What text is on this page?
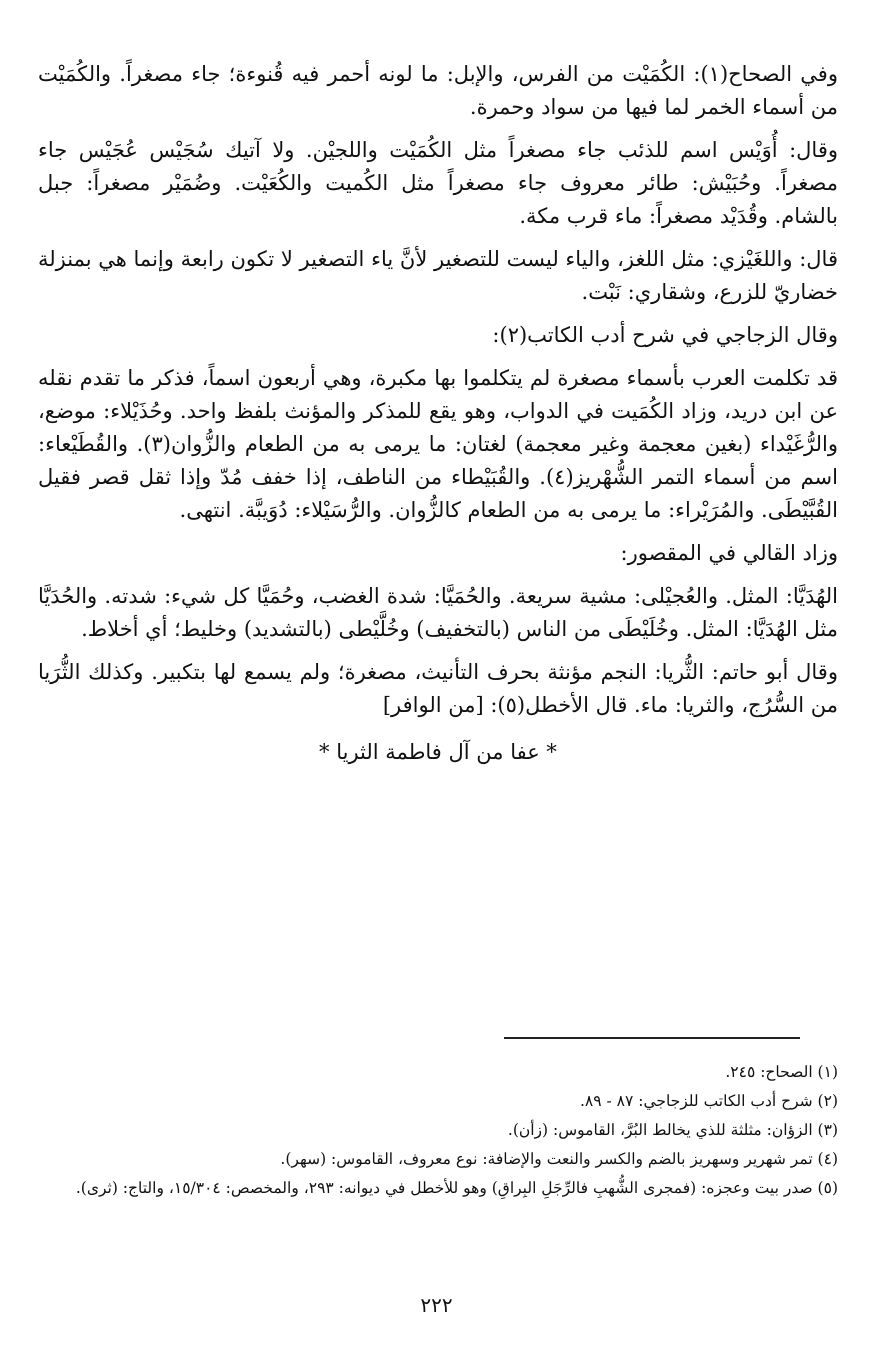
وفي الصحاح(١): الكُمَيْت من الفرس، والإبل: ما لونه أحمر فيه قُنوءة؛ جاء مصغراً. والكُمَيْت من أسماء الخمر لما فيها من سواد وحمرة.

وقال: أُوَيْس اسم للذئب جاء مصغراً مثل الكُمَيْت واللجيْن. ولا آتيك سُجَيْس عُجَيْس جاء مصغراً. وحُبَيْش: طائر معروف جاء مصغراً مثل الكُميت والكُعَيْت. وضُمَيْر مصغراً: جبل بالشام. وقُدَيْد مصغراً: ماء قرب مكة.

قال: واللغَيْزي: مثل اللغز، والياء ليست للتصغير لأنَّ ياء التصغير لا تكون رابعة وإنما هي بمنزلة خضاريّ للزرع، وشقاري: نَبْت.

وقال الزجاجي في شرح أدب الكاتب(٢):

قد تكلمت العرب بأسماء مصغرة لم يتكلموا بها مكبرة، وهي أربعون اسماً، فذكر ما تقدم نقله عن ابن دريد، وزاد الكُمَيت في الدواب، وهو يقع للمذكر والمؤنث بلفظ واحد. وحُذَيْلاء: موضع، والرُّغَيْداء (بغين معجمة وغير معجمة) لغتان: ما يرمى به من الطعام والزُّوان(٣). والقُطَيْعاء: اسم من أسماء التمر الشُّهْريز(٤). والقُبَيْطاء من الناطف، إذا خفف مُدّ وإذا ثقل قصر فقيل القُبَّيْطَى. والمُرَيْراء: ما يرمى به من الطعام كالزُّوان. والرُّسَيْلاء: دُوَيبَّة. انتهى.

وزاد القالي في المقصور:

الهُدَيَّا: المثل. والعُجيْلى: مشية سريعة. والحُمَيَّا: شدة الغضب، وحُمَيَّا كل شيء: شدته. والحُدَيَّا مثل الهُدَيَّا: المثل. وخُلَيْطَى من الناس (بالتخفيف) وخُلَّيْطى (بالتشديد) وخليط؛ أي أخلاط.

وقال أبو حاتم: الثُّريا: النجم مؤنثة بحرف التأنيث، مصغرة؛ ولم يسمع لها بتكبير. وكذلك الثُّرَيا من السُّرُج، والثريا: ماء. قال الأخطل(٥): [من الوافر]

* عفا من آل فاطمة الثريا *

(١) الصحاح: ٢٤٥.

(٢) شرح أدب الكاتب للزجاجي: ٨٧ - ٨٩.

(٣) الزؤان: مثلثة للذي يخالط البُرَّ، القاموس: (زأن).

(٤) تمر شهرير وسهريز بالضم والكسر والنعت والإضافة: نوع معروف، القاموس: (سهر).

(٥) صدر بيت وعجزه: (فمجرى الشُّهبِ فالرِّجَلِ البِراقِ) وهو للأخطل في ديوانه: ٢٩٣، والمخصص: ١٥/٣٠٤، والتاج: (ثرى).

٢٢٢
